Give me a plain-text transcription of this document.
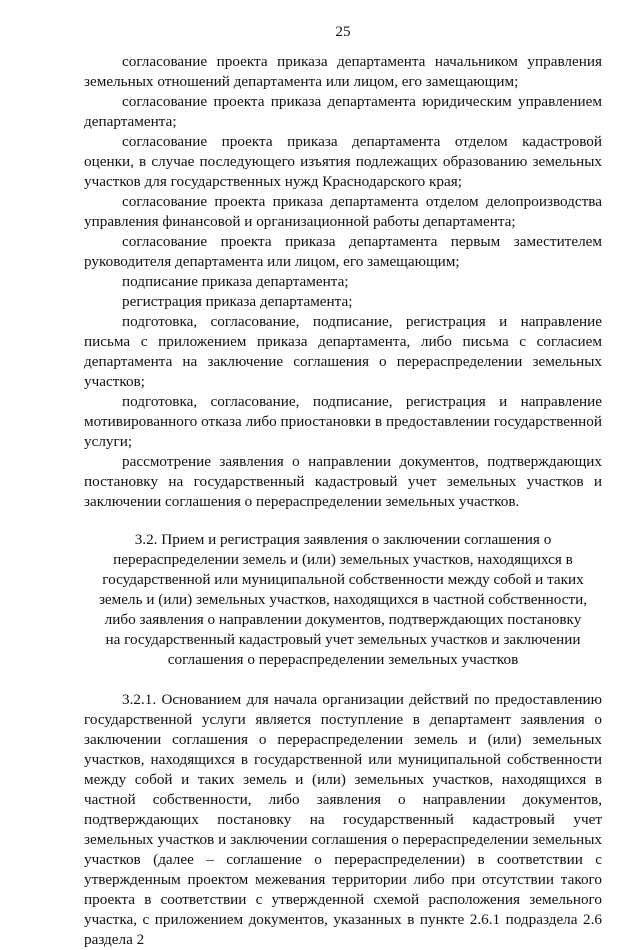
25

согласование проекта приказа департамента начальником управления земельных отношений департамента или лицом, его замещающим;

согласование проекта приказа департамента юридическим управлением департамента;

согласование проекта приказа департамента отделом кадастровой оценки, в случае последующего изъятия подлежащих образованию земельных участков для государственных нужд Краснодарского края;

согласование проекта приказа департамента отделом делопроизводства управления финансовой и организационной работы департамента;

согласование проекта приказа департамента первым заместителем руководителя департамента или лицом, его замещающим;

подписание приказа департамента;

регистрация приказа департамента;

подготовка, согласование, подписание, регистрация и направление письма с приложением приказа департамента, либо письма с согласием департамента на заключение соглашения о перераспределении земельных участков;

подготовка, согласование, подписание, регистрация и направление мотивированного отказа либо приостановки в предоставлении государственной услуги;

рассмотрение заявления о направлении документов, подтверждающих постановку на государственный кадастровый учет земельных участков и заключении соглашения о перераспределении земельных участков.

3.2. Прием и регистрация заявления о заключении соглашения о перераспределении земель и (или) земельных участков, находящихся в государственной или муниципальной собственности между собой и таких земель и (или) земельных участков, находящихся в частной собственности, либо заявления о направлении документов, подтверждающих постановку на государственный кадастровый учет земельных участков и заключении соглашения о перераспределении земельных участков

3.2.1. Основанием для начала организации действий по предоставлению государственной услуги является поступление в департамент заявления о заключении соглашения о перераспределении земель и (или) земельных участков, находящихся в государственной или муниципальной собственности между собой и таких земель и (или) земельных участков, находящихся в частной собственности, либо заявления о направлении документов, подтверждающих постановку на государственный кадастровый учет земельных участков и заключении соглашения о перераспределении земельных участков (далее – соглашение о перераспределении) в соответствии с утвержденным проектом межевания территории либо при отсутствии такого проекта в соответствии с утвержденной схемой расположения земельного участка, с приложением документов, указанных в пункте 2.6.1 подраздела 2.6 раздела 2
